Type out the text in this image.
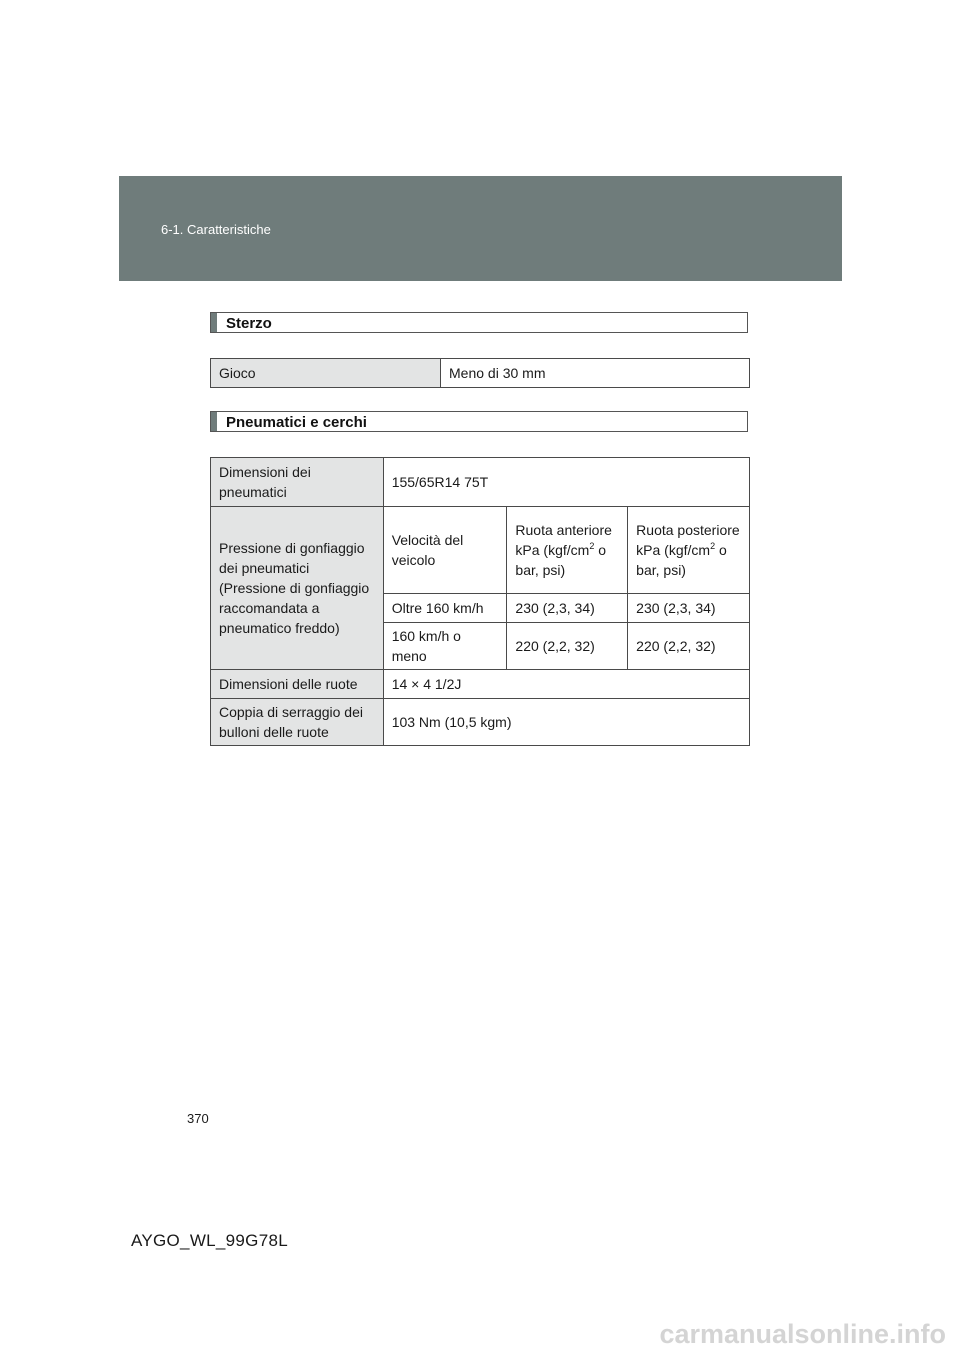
6-1. Caratteristiche
Sterzo
Gioco	Meno di 30 mm
Pneumatici e cerchi
Dimensioni dei pneumatici	155/65R14 75T		
Pressione di gonfiaggio dei pneumatici (Pressione di gonfiaggio raccomandata a pneumatico freddo)	Velocità del veicolo	Ruota anteriore kPa ($kgf/cm^2$ o bar, psi)	Ruota posteriore kPa ($kgf/cm^2$ o bar, psi)
	Oltre 160 km/h	230 (2,3, 34)	230 (2,3, 34)
	160 km/h o meno	220 (2,2, 32)	220 (2,2, 32)
Dimensioni delle ruote	14 × 4 1/2J		
Coppia di serraggio dei bulloni delle ruote	103 Nm (10,5 kgm)		
370
AYGO_WL_99G78L
carmanualsonline.info
